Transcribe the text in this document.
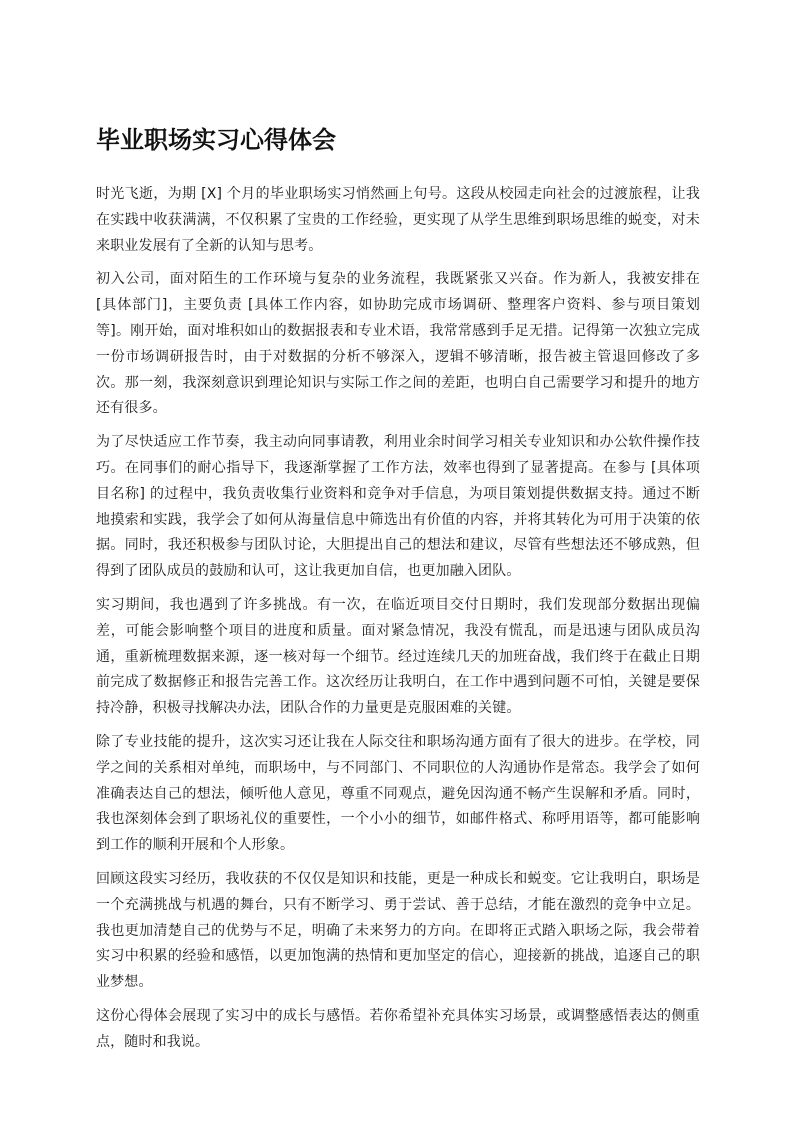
毕业职场实习心得体会

时光飞逝，为期 [X] 个月的毕业职场实习悄然画上句号。这段从校园走向社会的过渡旅程，让我在实践中收获满满，不仅积累了宝贵的工作经验，更实现了从学生思维到职场思维的蜕变，对未来职业发展有了全新的认知与思考。

初入公司，面对陌生的工作环境与复杂的业务流程，我既紧张又兴奋。作为新人，我被安排在 [具体部门]，主要负责 [具体工作内容，如协助完成市场调研、整理客户资料、参与项目策划等]。刚开始，面对堆积如山的数据报表和专业术语，我常常感到手足无措。记得第一次独立完成一份市场调研报告时，由于对数据的分析不够深入，逻辑不够清晰，报告被主管退回修改了多次。那一刻，我深刻意识到理论知识与实际工作之间的差距，也明白自己需要学习和提升的地方还有很多。

为了尽快适应工作节奏，我主动向同事请教，利用业余时间学习相关专业知识和办公软件操作技巧。在同事们的耐心指导下，我逐渐掌握了工作方法，效率也得到了显著提高。在参与 [具体项目名称] 的过程中，我负责收集行业资料和竞争对手信息，为项目策划提供数据支持。通过不断地摸索和实践，我学会了如何从海量信息中筛选出有价值的内容，并将其转化为可用于决策的依据。同时，我还积极参与团队讨论，大胆提出自己的想法和建议，尽管有些想法还不够成熟，但得到了团队成员的鼓励和认可，这让我更加自信，也更加融入团队。

实习期间，我也遇到了许多挑战。有一次，在临近项目交付日期时，我们发现部分数据出现偏差，可能会影响整个项目的进度和质量。面对紧急情况，我没有慌乱，而是迅速与团队成员沟通，重新梳理数据来源，逐一核对每一个细节。经过连续几天的加班奋战，我们终于在截止日期前完成了数据修正和报告完善工作。这次经历让我明白，在工作中遇到问题不可怕，关键是要保持冷静，积极寻找解决办法，团队合作的力量更是克服困难的关键。

除了专业技能的提升，这次实习还让我在人际交往和职场沟通方面有了很大的进步。在学校，同学之间的关系相对单纯，而职场中，与不同部门、不同职位的人沟通协作是常态。我学会了如何准确表达自己的想法，倾听他人意见，尊重不同观点，避免因沟通不畅产生误解和矛盾。同时，我也深刻体会到了职场礼仪的重要性，一个小小的细节，如邮件格式、称呼用语等，都可能影响到工作的顺利开展和个人形象。

回顾这段实习经历，我收获的不仅仅是知识和技能，更是一种成长和蜕变。它让我明白，职场是一个充满挑战与机遇的舞台，只有不断学习、勇于尝试、善于总结，才能在激烈的竞争中立足。我也更加清楚自己的优势与不足，明确了未来努力的方向。在即将正式踏入职场之际，我会带着实习中积累的经验和感悟，以更加饱满的热情和更加坚定的信心，迎接新的挑战，追逐自己的职业梦想。

这份心得体会展现了实习中的成长与感悟。若你希望补充具体实习场景，或调整感悟表达的侧重点，随时和我说。
